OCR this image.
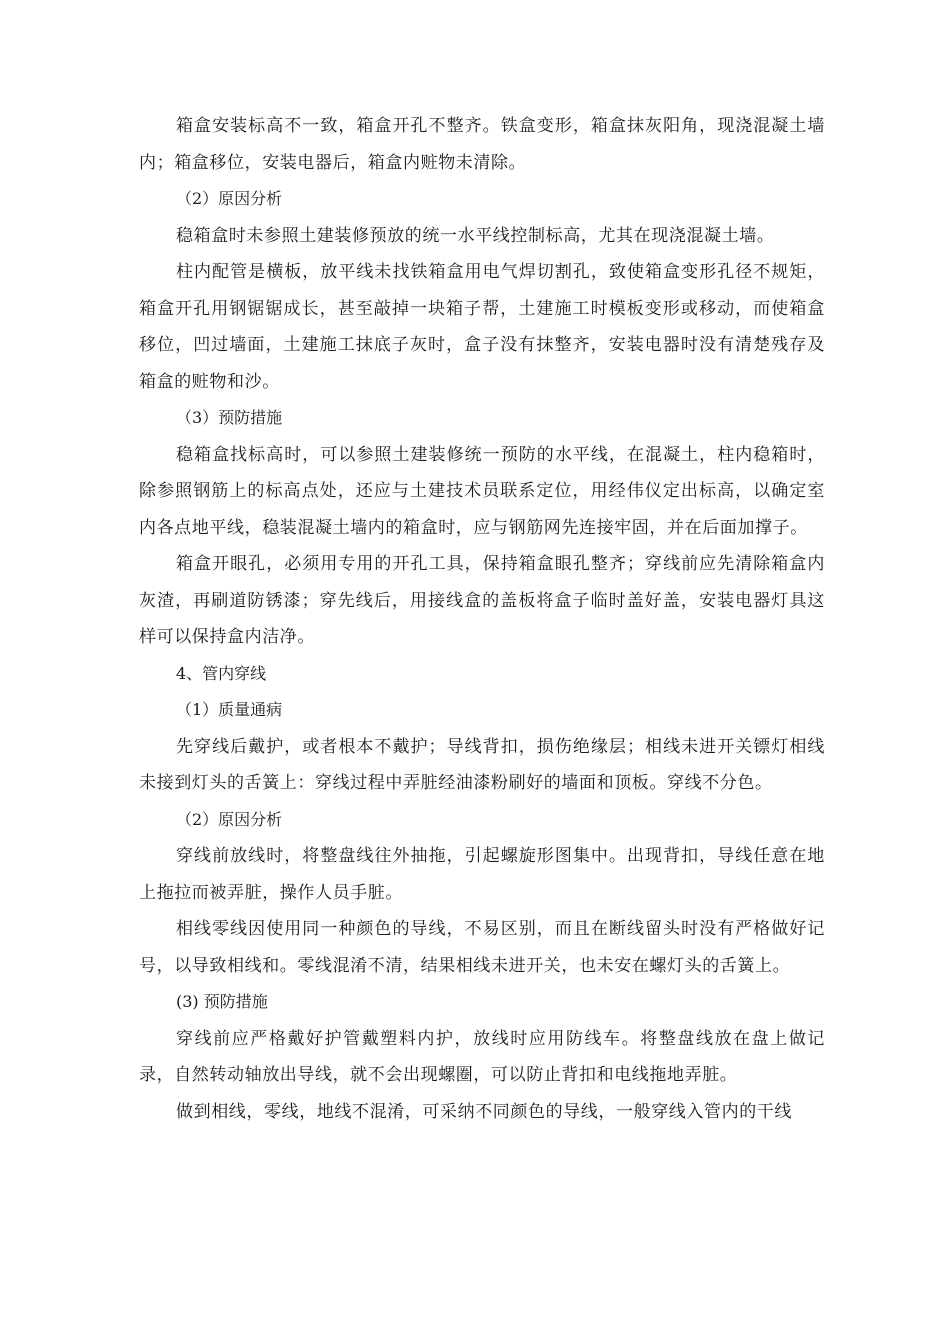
箱盒安装标高不一致，箱盒开孔不整齐。铁盒变形，箱盒抹灰阳角，现浇混凝土墙内；箱盒移位，安装电器后，箱盒内赃物未清除。

（2）原因分析

稳箱盒时未参照土建装修预放的统一水平线控制标高，尤其在现浇混凝土墙。

柱内配管是横板，放平线未找铁箱盒用电气焊切割孔，致使箱盒变形孔径不规矩，箱盒开孔用钢锯锯成长，甚至敲掉一块箱子帮，土建施工时模板变形或移动，而使箱盒移位，凹过墙面，土建施工抹底子灰时，盒子没有抹整齐，安装电器时没有清楚残存及箱盒的赃物和沙。

（3）预防措施

稳箱盒找标高时，可以参照土建装修统一预防的水平线，在混凝土，柱内稳箱时，除参照钢筋上的标高点处，还应与土建技术员联系定位，用经伟仪定出标高，以确定室内各点地平线，稳装混凝土墙内的箱盒时，应与钢筋网先连接牢固，并在后面加撑子。

箱盒开眼孔，必须用专用的开孔工具，保持箱盒眼孔整齐；穿线前应先清除箱盒内灰渣，再刷道防锈漆；穿先线后，用接线盒的盖板将盒子临时盖好盖，安装电器灯具这样可以保持盒内洁净。

4、管内穿线

（1）质量通病

先穿线后戴护，或者根本不戴护；导线背扣，损伤绝缘层；相线未进开关镖灯相线未接到灯头的舌簧上：穿线过程中弄脏经油漆粉刷好的墙面和顶板。穿线不分色。

（2）原因分析

穿线前放线时，将整盘线往外抽拖，引起螺旋形图集中。出现背扣，导线任意在地上拖拉而被弄脏，操作人员手脏。

相线零线因使用同一种颜色的导线，不易区别，而且在断线留头时没有严格做好记号，以导致相线和。零线混淆不清，结果相线未进开关，也未安在螺灯头的舌簧上。

(3) 预防措施

穿线前应严格戴好护管戴塑料内护，放线时应用防线车。将整盘线放在盘上做记录，自然转动轴放出导线，就不会出现螺圈，可以防止背扣和电线拖地弄脏。

做到相线，零线，地线不混淆，可采纳不同颜色的导线，一般穿线入管内的干线
